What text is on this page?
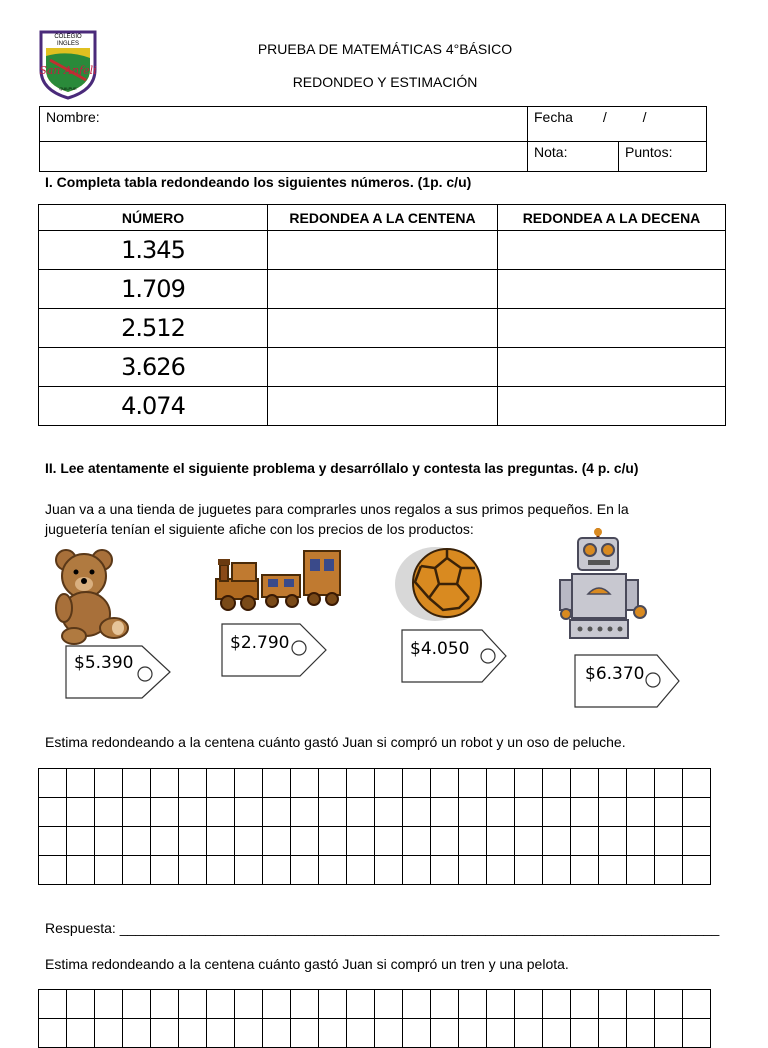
COLEGIO
INGLES
San Anfeli
QUILPUE
PRUEBA DE MATEMÁTICAS 4°BÁSICO
REDONDEO Y ESTIMACIÓN
Nombre:	Fecha / /	
	Nota:	Puntos:
I. Completa tabla redondeando los siguientes números. (1p. c/u)
NÚMERO	REDONDEA A LA CENTENA	REDONDEA A LA DECENA
1.345		
1.709		
2.512		
3.626		
4.074		
II. Lee atentamente el siguiente problema y desarróllalo y contesta las preguntas. (4 p. c/u)
Juan va a una tienda de juguetes para comprarles unos regalos a sus primos pequeños. En la
juguetería tenían el siguiente afiche con los precios de los productos:
$5.390
$2.790	$4.050
$6.370
Estima redondeando a la centena cuánto gastó Juan si compró un robot y un oso de peluche.

Respuesta: _____________________________________________________________________________
Estima redondeando a la centena cuánto gastó Juan si compró un tren y una pelota.
